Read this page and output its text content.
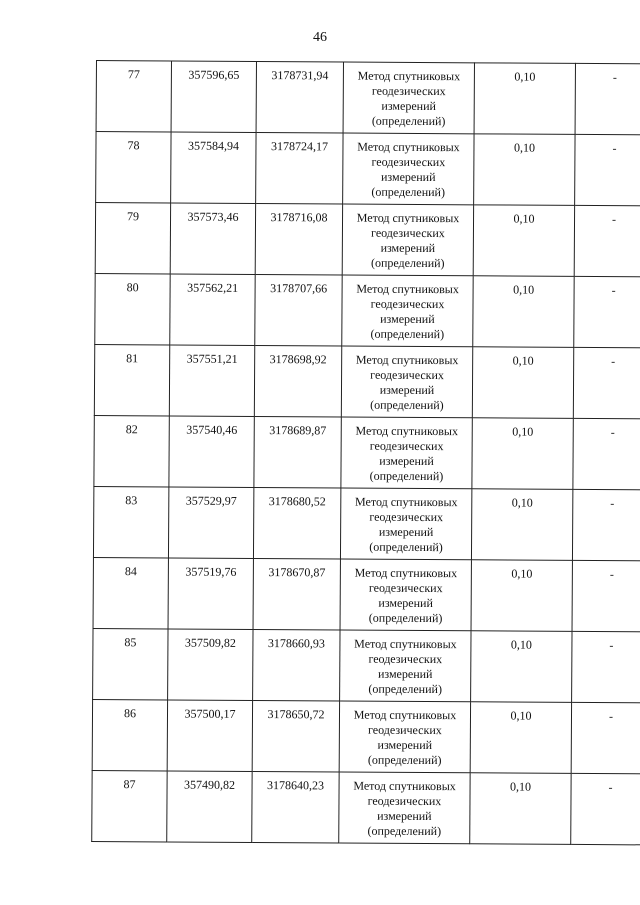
46
77	357596,65	3178731,94	Метод спутниковых
геодезических
измерений
(определений)	0,10	-
78	357584,94	3178724,17	Метод спутниковых
геодезических
измерений
(определений)	0,10	-
79	357573,46	3178716,08	Метод спутниковых
геодезических
измерений
(определений)	0,10	-
80	357562,21	3178707,66	Метод спутниковых
геодезических
измерений
(определений)	0,10	-
81	357551,21	3178698,92	Метод спутниковых
геодезических
измерений
(определений)	0,10	-
82	357540,46	3178689,87	Метод спутниковых
геодезических
измерений
(определений)	0,10	-
83	357529,97	3178680,52	Метод спутниковых
геодезических
измерений
(определений)	0,10	-
84	357519,76	3178670,87	Метод спутниковых
геодезических
измерений
(определений)	0,10	-
85	357509,82	3178660,93	Метод спутниковых
геодезических
измерений
(определений)	0,10	-
86	357500,17	3178650,72	Метод спутниковых
геодезических
измерений
(определений)	0,10	-
87	357490,82	3178640,23	Метод спутниковых
геодезических
измерений
(определений)	0,10	-
